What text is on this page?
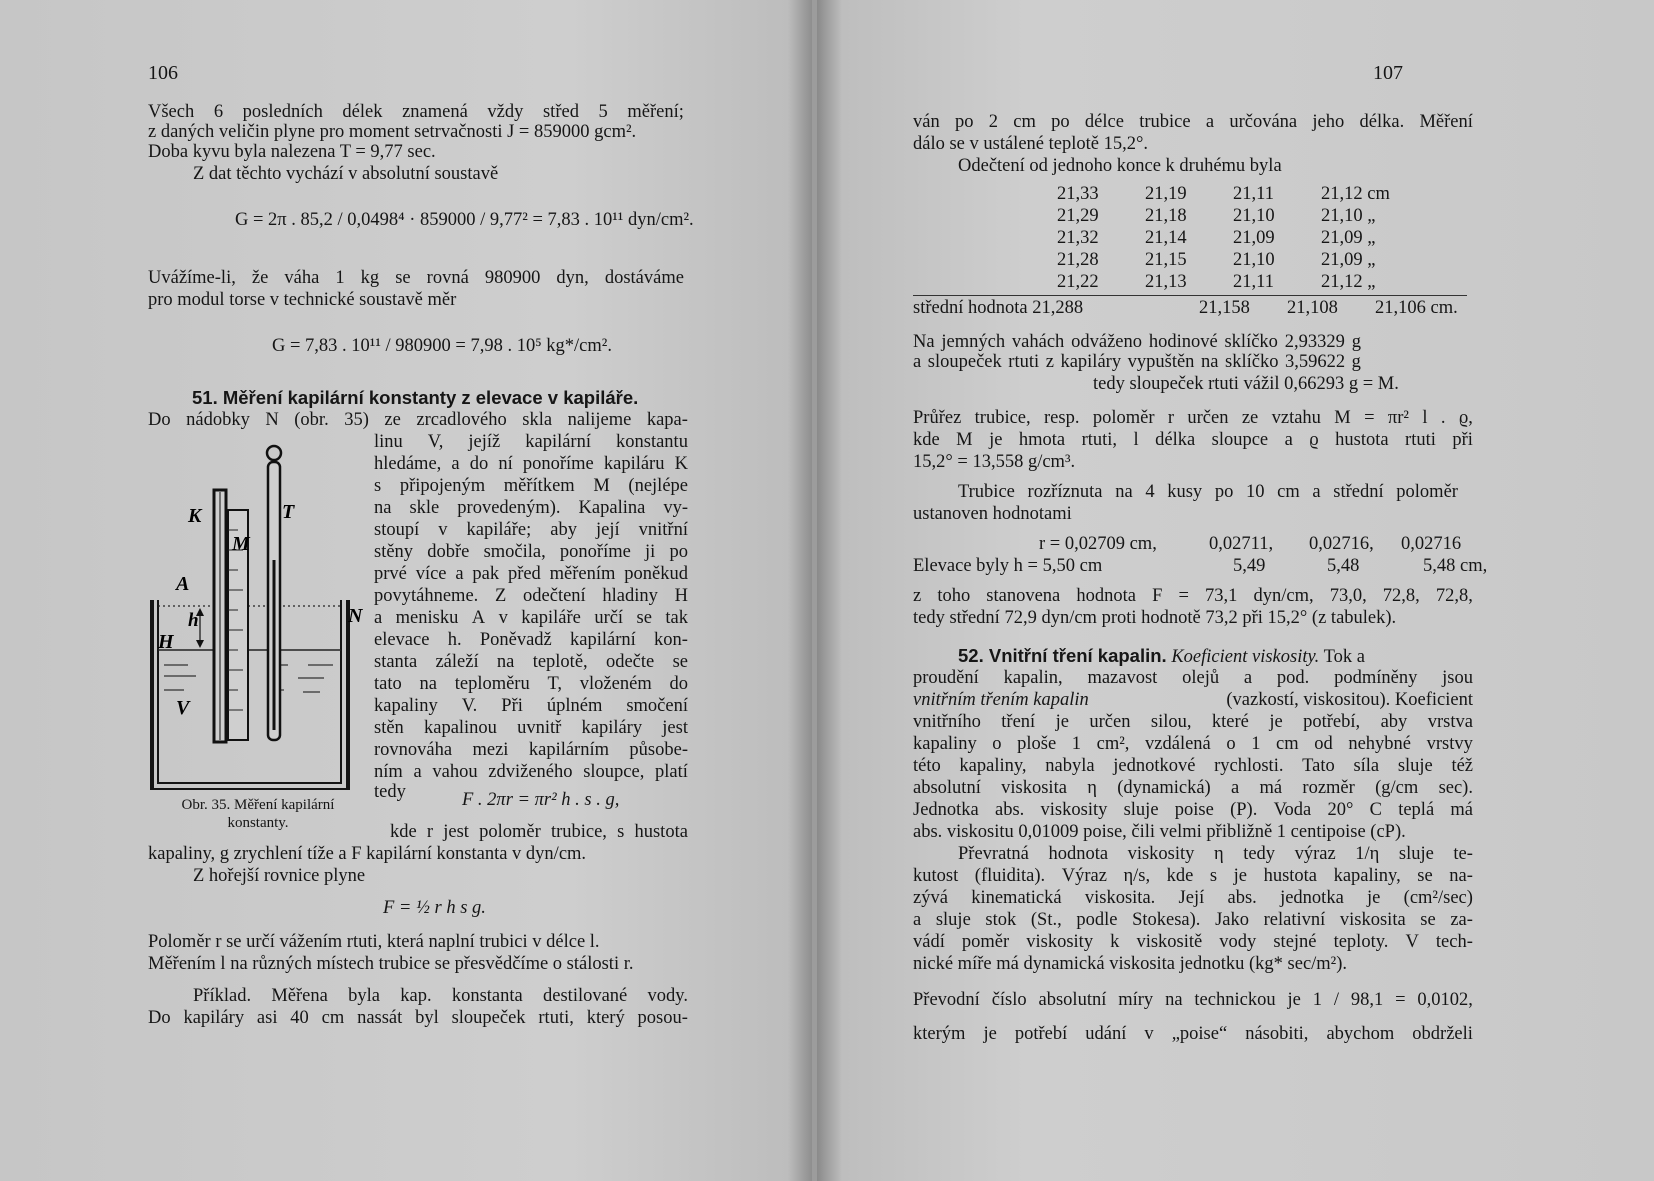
106
Všech 6 posledních délek znamená vždy střed 5 měření;
z daných veličin plyne pro moment setrvačnosti J = 859000 gcm².
Doba kyvu byla nalezena T = 9,77 sec.
Z dat těchto vychází v absolutní soustavě
G = 2π . 85,2 / 0,0498⁴ · 859000 / 9,77² = 7,83 . 10¹¹ dyn/cm².
Uvážíme-li, že váha 1 kg se rovná 980900 dyn, dostáváme
pro modul torse v technické soustavě měr
G = 7,83 . 10¹¹ / 980900 = 7,98 . 10⁵ kg*/cm².
51. Měření kapilární konstanty z elevace v kapiláře.
Do nádobky N (obr. 35) ze zrcadlového skla nalijeme kapa-
linu V, jejíž kapilární konstantu
hledáme, a do ní ponoříme kapiláru K
s připojeným měřítkem M (nejlépe
na skle provedeným). Kapalina vy-
stoupí v kapiláře; aby její vnitřní
stěny dobře smočila, ponoříme ji po
prvé více a pak před měřením poněkud
povytáhneme. Z odečtení hladiny H
a menisku A v kapiláře určí se tak
elevace h. Poněvadž kapilární kon-
stanta záleží na teplotě, odečte se
tato na teploměru T, vloženém do
kapaliny V. Při úplném smočení
stěn kapalinou uvnitř kapiláry jest
rovnováha mezi kapilárním působe-
ním a vahou zdviženého sloupce, platí
tedy	F . 2πr = πr² h . s . g,
kde r jest poloměr trubice, s hustota
kapaliny, g zrychlení tíže a F kapilární konstanta v dyn/cm.
Z hořejší rovnice plyne
F = ½ r h s g.
Poloměr r se určí vážením rtuti, která naplní trubici v délce l.
Měřením l na různých místech trubice se přesvědčíme o stálosti r.
Příklad. Měřena byla kap. konstanta destilované vody.
Do kapiláry asi 40 cm nassát byl sloupeček rtuti, který posou-
K	T
M
A
h
H
N
V
Obr. 35. Měření kapilární
konstanty.
107
ván po 2 cm po délce trubice a určována jeho délka. Měření
dálo se v ustálené teplotě 15,2°.
Odečtení od jednoho konce k druhému byla
21,33	21,19	21,11	21,12 cm
21,29	21,18	21,10	21,10 „
21,32	21,14	21,09	21,09 „
21,28	21,15	21,10	21,09 „
21,22	21,13	21,11	21,12 „
střední hodnota 21,288	21,158	21,108	21,106 cm.
Na jemných vahách odváženo hodinové sklíčko 2,93329 g
a sloupeček rtuti z kapiláry vypuštěn na sklíčko 3,59622 g
tedy sloupeček rtuti vážil 0,66293 g = M.
Průřez trubice, resp. poloměr r určen ze vztahu M = πr² l . ϱ,
kde M je hmota rtuti, l délka sloupce a ϱ hustota rtuti při
15,2° = 13,558 g/cm³.
Trubice rozříznuta na 4 kusy po 10 cm a střední poloměr
ustanoven hodnotami
r = 0,02709 cm,	0,02711,	0,02716,	0,02716
Elevace byly h = 5,50 cm	5,49	5,48	5,48 cm,
z toho stanovena hodnota F = 73,1 dyn/cm, 73,0, 72,8, 72,8,
tedy střední 72,9 dyn/cm proti hodnotě 73,2 při 15,2° (z tabulek).
52. Vnitřní tření kapalin. Koeficient viskosity. Tok a
proudění kapalin, mazavost olejů a pod. podmíněny jsou
vnitřním třením kapalin	(vazkostí, viskositou). Koeficient
vnitřního tření je určen silou, které je potřebí, aby vrstva
kapaliny o ploše 1 cm², vzdálená o 1 cm od nehybné vrstvy
této kapaliny, nabyla jednotkové rychlosti. Tato síla sluje též
absolutní viskosita η (dynamická) a má rozměr (g/cm sec).
Jednotka abs. viskosity sluje poise (P). Voda 20° C teplá má
abs. viskositu 0,01009 poise, čili velmi přibližně 1 centipoise (cP).
Převratná hodnota viskosity η tedy výraz 1/η sluje te-
kutost (fluidita). Výraz η/s, kde s je hustota kapaliny, se na-
zývá kinematická viskosita. Její abs. jednotka je (cm²/sec)
a sluje stok (St., podle Stokesa). Jako relativní viskosita se za-
vádí poměr viskosity k viskositě vody stejné teploty. V tech-
nické míře má dynamická viskosita jednotku (kg* sec/m²).
Převodní číslo absolutní míry na technickou je 1 / 98,1 = 0,0102,
kterým je potřebí udání v „poise“ násobiti, abychom obdrželi
